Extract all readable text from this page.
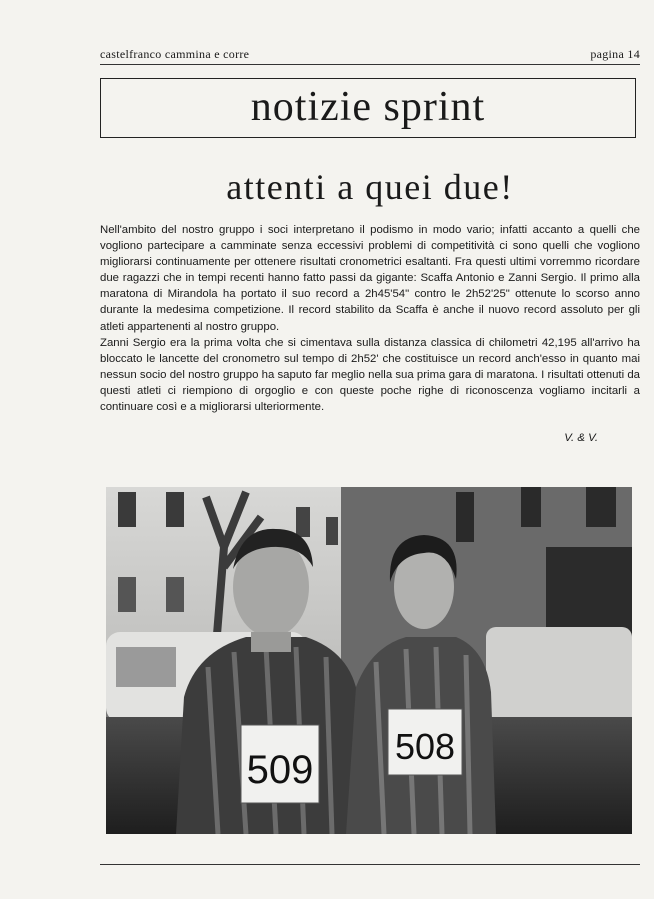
castelfranco cammina e corre	pagina 14
notizie sprint
attenti a quei due!

Nell'ambito del nostro gruppo i soci interpretano il podismo in modo vario; infatti accanto a quelli che vogliono partecipare a camminate senza eccessivi problemi di competitività ci sono quelli che vogliono migliorarsi continuamente per ottenere risultati cronometrici esaltanti. Fra questi ultimi vorremmo ricordare due ragazzi che in tempi recenti hanno fatto passi da gigante: Scaffa Antonio e Zanni Sergio. Il primo alla maratona di Mirandola ha portato il suo record a 2h45'54" contro le 2h52'25" ottenute lo scorso anno durante la medesima competizione. Il record stabilito da Scaffa è anche il nuovo record assoluto per gli atleti appartenenti al nostro gruppo.

Zanni Sergio era la prima volta che si cimentava sulla distanza classica di chilometri 42,195 all'arrivo ha bloccato le lancette del cronometro sul tempo di 2h52' che costituisce un record anch'esso in quanto mai nessun socio del nostro gruppo ha saputo far meglio nella sua prima gara di maratona. I risultati ottenuti da questi atleti ci riempiono di orgoglio e con queste poche righe di riconoscenza vogliamo incitarli a continuare così e a migliorarsi ulteriormente.

V. & V.
509
508
